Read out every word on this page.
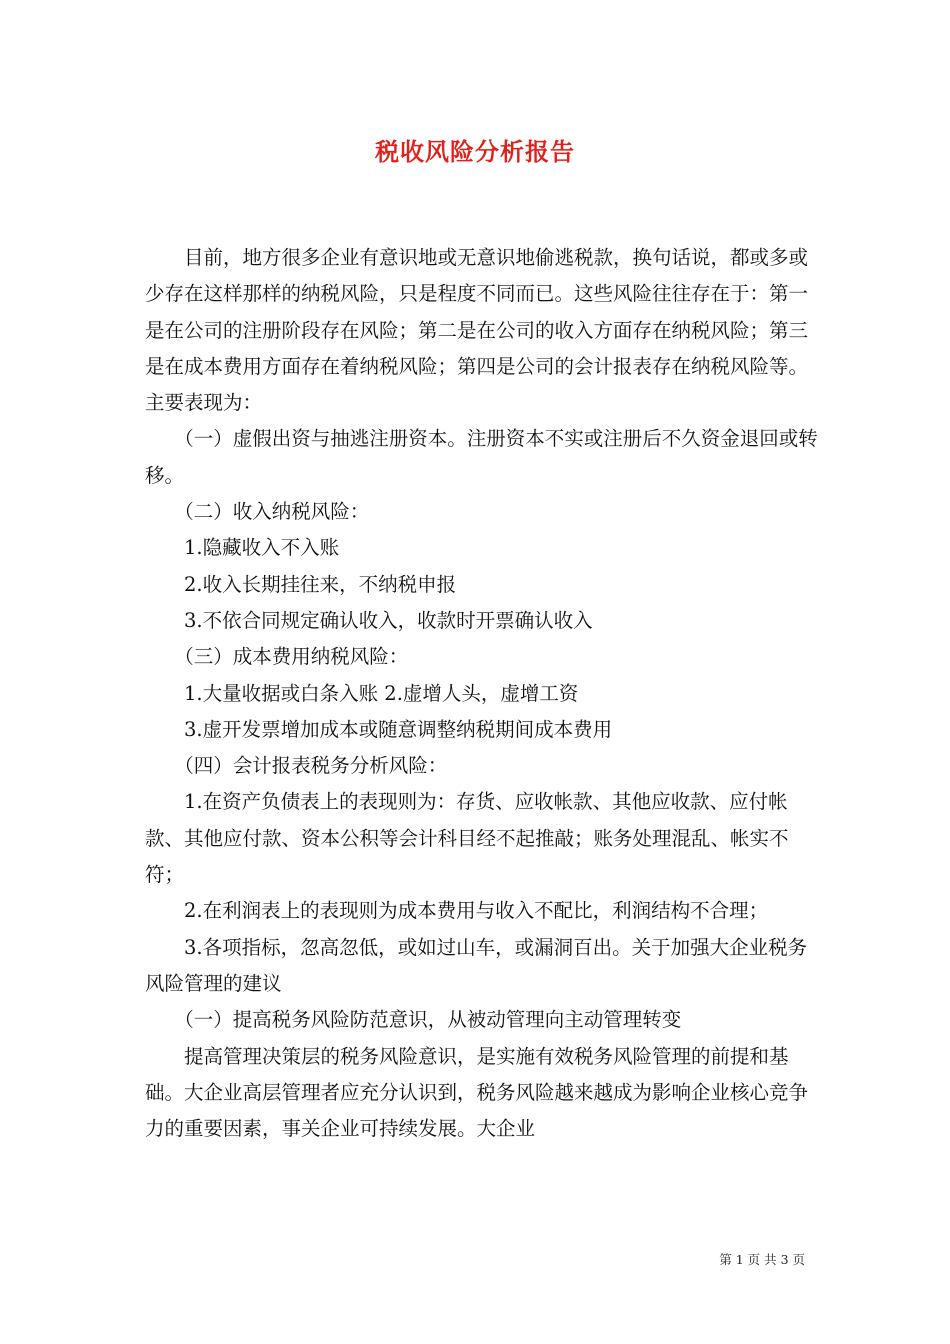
税收风险分析报告

　　目前，地方很多企业有意识地或无意识地偷逃税款，换句话说，都或多或少存在这样那样的纳税风险，只是程度不同而已。这些风险往往存在于：第一是在公司的注册阶段存在风险；第二是在公司的收入方面存在纳税风险；第三是在成本费用方面存在着纳税风险；第四是公司的会计报表存在纳税风险等。主要表现为：

　　（一）虚假出资与抽逃注册资本。注册资本不实或注册后不久资金退回或转移。

　　（二）收入纳税风险：

　　1.隐藏收入不入账

　　2.收入长期挂往来，不纳税申报

　　3.不依合同规定确认收入，收款时开票确认收入

　　（三）成本费用纳税风险：

　　1.大量收据或白条入账 2.虚增人头，虚增工资

　　3.虚开发票增加成本或随意调整纳税期间成本费用

　　（四）会计报表税务分析风险：

　　1.在资产负债表上的表现则为：存货、应收帐款、其他应收款、应付帐款、其他应付款、资本公积等会计科目经不起推敲；账务处理混乱、帐实不符；

　　2.在利润表上的表现则为成本费用与收入不配比，利润结构不合理；

　　3.各项指标，忽高忽低，或如过山车，或漏洞百出。关于加强大企业税务风险管理的建议

　　（一）提高税务风险防范意识，从被动管理向主动管理转变

　　提高管理决策层的税务风险意识，是实施有效税务风险管理的前提和基础。大企业高层管理者应充分认识到，税务风险越来越成为影响企业核心竞争力的重要因素，事关企业可持续发展。大企业

第 1 页 共 3 页
